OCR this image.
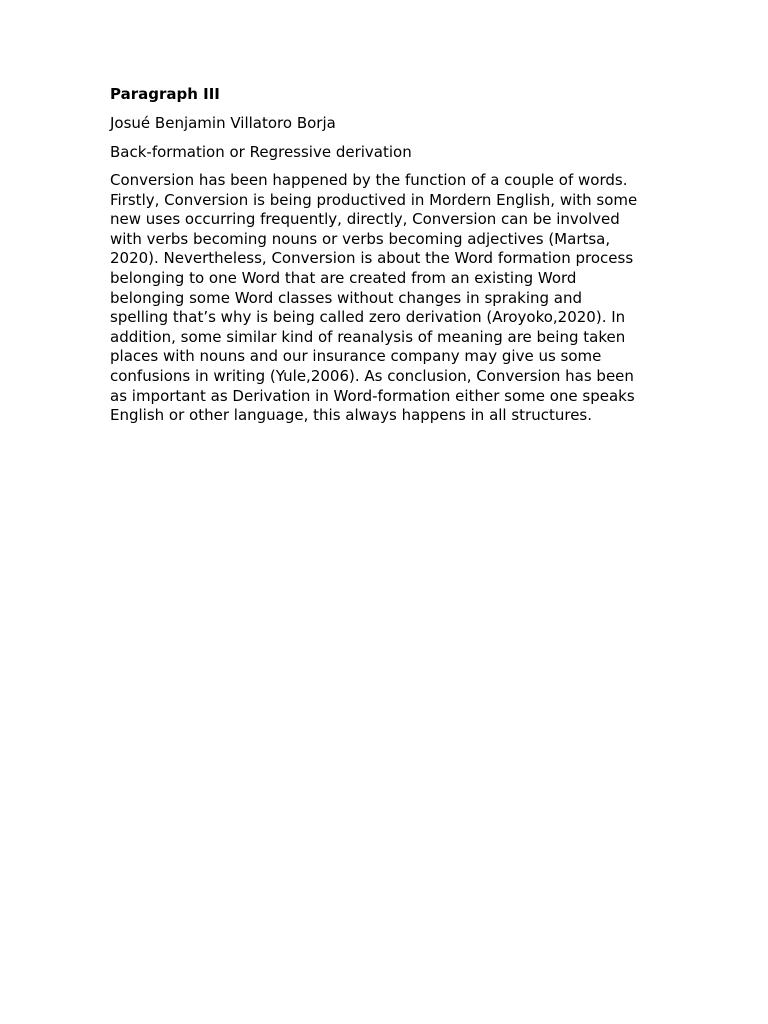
Paragraph III
Josué Benjamin Villatoro Borja
Back-formation or Regressive derivation
Conversion has been happened by the function of a couple of words.
Firstly, Conversion is being productived in Mordern English, with some
new uses occurring frequently, directly, Conversion can be involved
with verbs becoming nouns or verbs becoming adjectives (Martsa,
2020). Nevertheless, Conversion is about the Word formation process
belonging to one Word that are created from an existing Word
belonging some Word classes without changes in spraking and
spelling that’s why is being called zero derivation (Aroyoko,2020). In
addition, some similar kind of reanalysis of meaning are being taken
places with nouns and our insurance company may give us some
confusions in writing (Yule,2006). As conclusion, Conversion has been
as important as Derivation in Word-formation either some one speaks
English or other language, this always happens in all structures.
